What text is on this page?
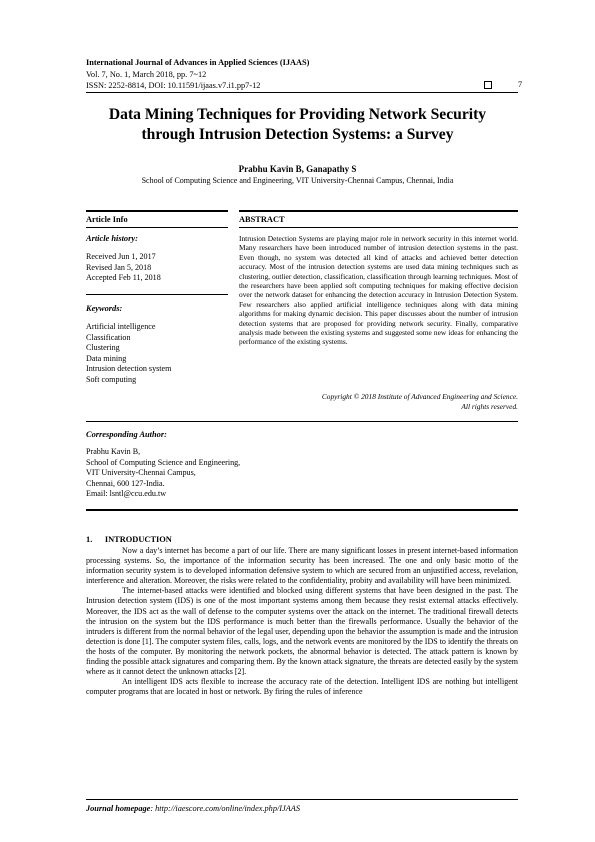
International Journal of Advances in Applied Sciences (IJAAS)
Vol. 7, No. 1, March 2018, pp. 7~12
ISSN: 2252-8814, DOI: 10.11591/ijaas.v7.i1.pp7-12	7
Data Mining Techniques for Providing Network Security
through Intrusion Detection Systems: a Survey
Prabhu Kavin B, Ganapathy S
School of Computing Science and Engineering, VIT University-Chennai Campus, Chennai, India
Article Info	ABSTRACT
Article history:
Received Jun 1, 2017
Revised Jan 5, 2018
Accepted Feb 11, 2018
Keywords:
Artificial intelligence
Classification
Clustering
Data mining
Intrusion detection system
Soft computing
Intrusion Detection Systems are playing major role in network security in this internet world. Many researchers have been introduced number of intrusion detection systems in the past. Even though, no system was detected all kind of attacks and achieved better detection accuracy. Most of the intrusion detection systems are used data mining techniques such as clustering, outlier detection, classification, classification through learning techniques. Most of the researchers have been applied soft computing techniques for making effective decision over the network dataset for enhancing the detection accuracy in Intrusion Detection System. Few researchers also applied artificial intelligence techniques along with data mining algorithms for making dynamic decision. This paper discusses about the number of intrusion detection systems that are proposed for providing network security. Finally, comparative analysis made between the existing systems and suggested some new ideas for enhancing the performance of the existing systems.
Copyright © 2018 Institute of Advanced Engineering and Science.
All rights reserved.
Corresponding Author:
Prabhu Kavin B,
School of Computing Science and Engineering,
VIT University-Chennai Campus,
Chennai, 600 127-India.
Email: lsntl@ccu.edu.tw
1.      INTRODUCTION

Now a day’s internet has become a part of our life. There are many significant losses in present internet-based information processing systems. So, the importance of the information security has been increased. The one and only basic motto of the information security system is to developed information defensive system to which are secured from an unjustified access, revelation, interference and alteration. Moreover, the risks were related to the confidentiality, probity and availability will have been minimized.

The internet-based attacks were identified and blocked using different systems that have been designed in the past. The Intrusion detection system (IDS) is one of the most important systems among them because they resist external attacks effectively. Moreover, the IDS act as the wall of defense to the computer systems over the attack on the internet. The traditional firewall detects the intrusion on the system but the IDS performance is much better than the firewalls performance. Usually the behavior of the intruders is different from the normal behavior of the legal user, depending upon the behavior the assumption is made and the intrusion detection is done [1]. The computer system files, calls, logs, and the network events are monitored by the IDS to identify the threats on the hosts of the computer. By monitoring the network pockets, the abnormal behavior is detected. The attack pattern is known by finding the possible attack signatures and comparing them. By the known attack signature, the threats are detected easily by the system where as it cannot detect the unknown attacks [2].

An intelligent IDS acts flexible to increase the accuracy rate of the detection. Intelligent IDS are nothing but intelligent computer programs that are located in host or network. By firing the rules of inference

Journal homepage: http://iaescore.com/online/index.php/IJAAS
